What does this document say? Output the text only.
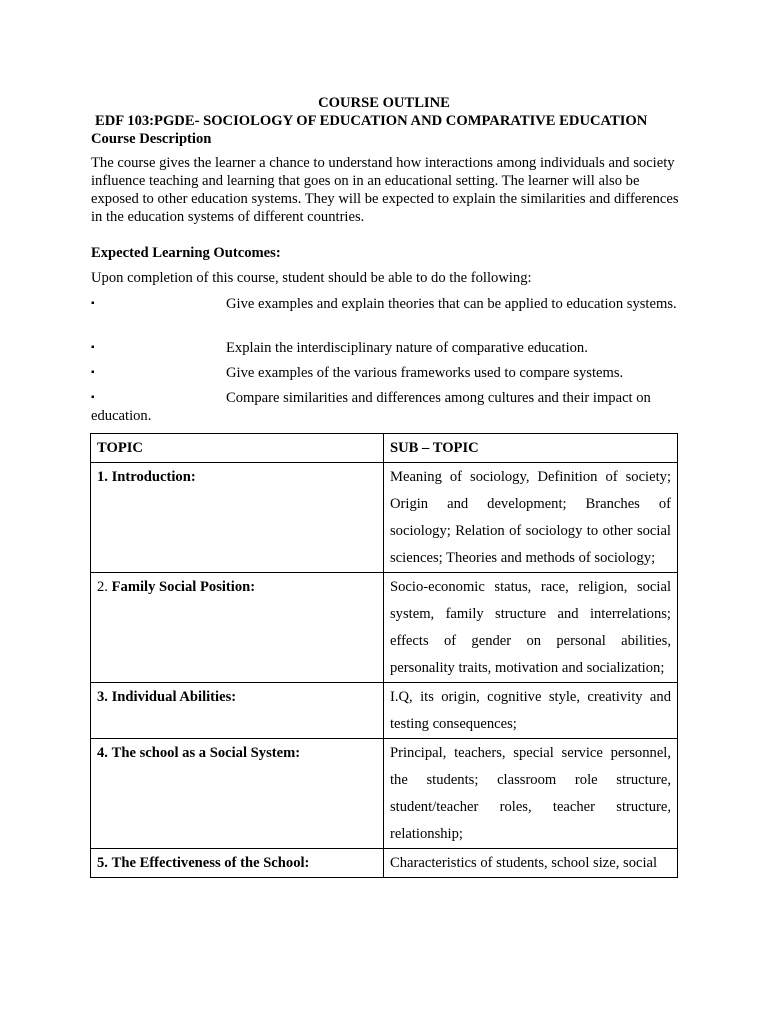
COURSE OUTLINE
EDF 103:PGDE- SOCIOLOGY OF EDUCATION AND COMPARATIVE EDUCATION
Course Description

The course gives the learner a chance to understand how interactions among individuals and society influence teaching and learning that goes on in an educational setting. The learner will also be exposed to other education systems. They will be expected to explain the similarities and differences in the education systems of different countries.

Expected Learning Outcomes:
Upon completion of this course, student should be able to do the following:
▪	Give examples and explain theories that can be applied to education systems.
▪	Explain the interdisciplinary nature of comparative education.
▪	Give examples of the various frameworks used to compare systems.
▪	Compare similarities and differences among cultures and their impact on education.
TOPIC	SUB – TOPIC
1. Introduction:	Meaning of sociology, Definition of society; Origin and development; Branches of sociology; Relation of sociology to other social sciences; Theories and methods of sociology;
2. Family Social Position:	Socio-economic status, race, religion, social system, family structure and interrelations; effects of gender on personal abilities, personality traits, motivation and socialization;
3. Individual Abilities:	I.Q, its origin, cognitive style, creativity and testing consequences;
4. The school as a Social System:	Principal, teachers, special service personnel, the students; classroom role structure, student/teacher roles, teacher structure, relationship;
5. The Effectiveness of the School:	Characteristics of students, school size, social
